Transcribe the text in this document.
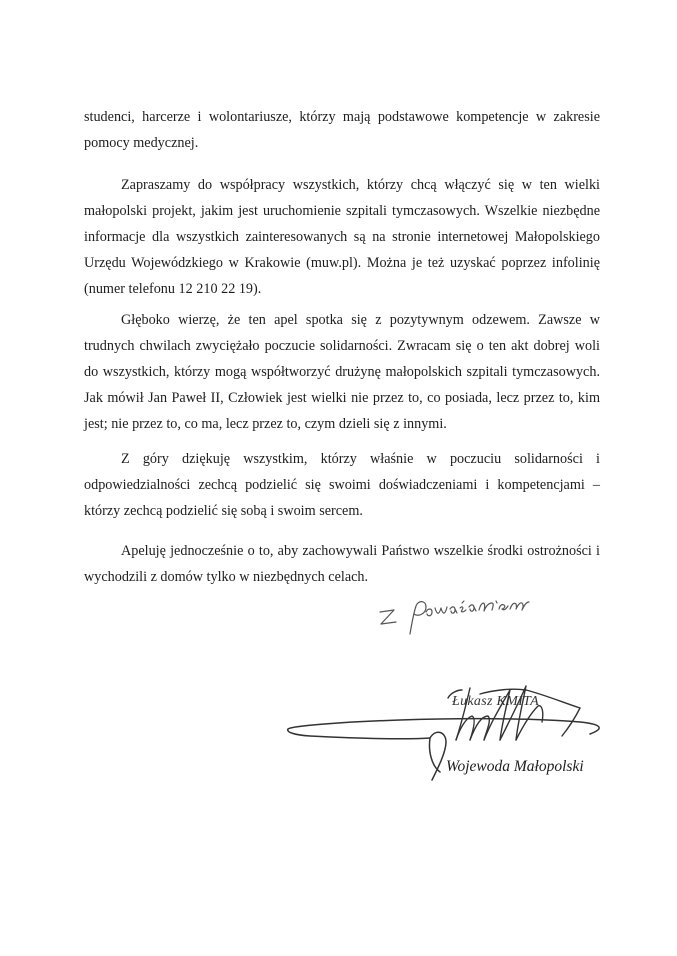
studenci, harcerze i wolontariusze, którzy mają podstawowe kompetencje w zakresie pomocy medycznej.

Zapraszamy do współpracy wszystkich, którzy chcą włączyć się w ten wielki małopolski projekt, jakim jest uruchomienie szpitali tymczasowych. Wszelkie niezbędne informacje dla wszystkich zainteresowanych są na stronie internetowej Małopolskiego Urzędu Wojewódzkiego w Krakowie (muw.pl). Można je też uzyskać poprzez infolinię (numer telefonu 12 210 22 19).

Głęboko wierzę, że ten apel spotka się z pozytywnym odzewem. Zawsze w trudnych chwilach zwyciężało poczucie solidarności. Zwracam się o ten akt dobrej woli do wszystkich, którzy mogą współtworzyć drużynę małopolskich szpitali tymczasowych. Jak mówił Jan Paweł II, Człowiek jest wielki nie przez to, co posiada, lecz przez to, kim jest; nie przez to, co ma, lecz przez to, czym dzieli się z innymi.

Z góry dziękuję wszystkim, którzy właśnie w poczuciu solidarności i odpowiedzialności zechcą podzielić się swoimi doświadczeniami i kompetencjami – którzy zechcą podzielić się sobą i swoim sercem.

Apeluję jednocześnie o to, aby zachowywali Państwo wszelkie środki ostrożności i wychodzili z domów tylko w niezbędnych celach.

Łukasz KMITA
Wojewoda Małopolski
